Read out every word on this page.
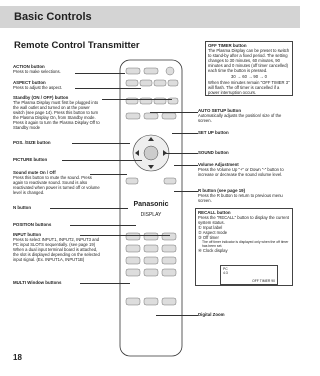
Basic Controls
Remote Control Transmitter
ACTION button
Press to make selections.
ASPECT button
Press to adjust the aspect.
Standby (ON / OFF) button
The Plasma Display must first be plugged into the wall outlet and turned on at the power switch (see page 14). Press this button to turn the Plasma Display On, from Standby mode. Press it again to turn the Plasma Display Off to Standby mode
POS. /SIZE button
PICTURE button
Sound mute On / Off
Press this button to mute the sound. Press again to reactivate sound. Sound is also reactivated when power is turned off or volume level is changed.
N button
POSITION buttons
INPUT button
Press to select INPUT1, INPUT2, INPUT3 and PC input SLOTS sequentially. (see page 19) When a dual input terminal board is attached, the slot is displayed depending on the selected input signal. (Ex. INPUT1A, INPUT1B)
MULTI Window buttons
OFF TIMER button
The Plasma Display can be preset to switch to stand-by after a fixed period. The setting changes to 30 minutes, 60 minutes, 90 minutes and 0 minutes (off timer cancelled) each time the button is pressed.
30 → 60 → 90 → 0
When three minutes remain "OFF TIMER 3" will flash. The off timer is cancelled if a power interruption occurs.
AUTO SETUP button
Automatically adjusts the position/ size of the screen.
SET UP button
SOUND button
Volume Adjustment
Press the Volume Up "+" or Down "-" button to increase or decrease the sound volume level.
R button (see page 19)
Press the R button to return to previous menu screen.
RECALL button
Press the "RECALL" button to display the current system status.
① Input label
② Aspect mode
③ Off timer
The off timer indicator is displayed only when the off timer has been set.
④ Clock display
PC
4:3
OFF TIMER 90
Digital Zoom
Panasonic
DISPLAY
18
